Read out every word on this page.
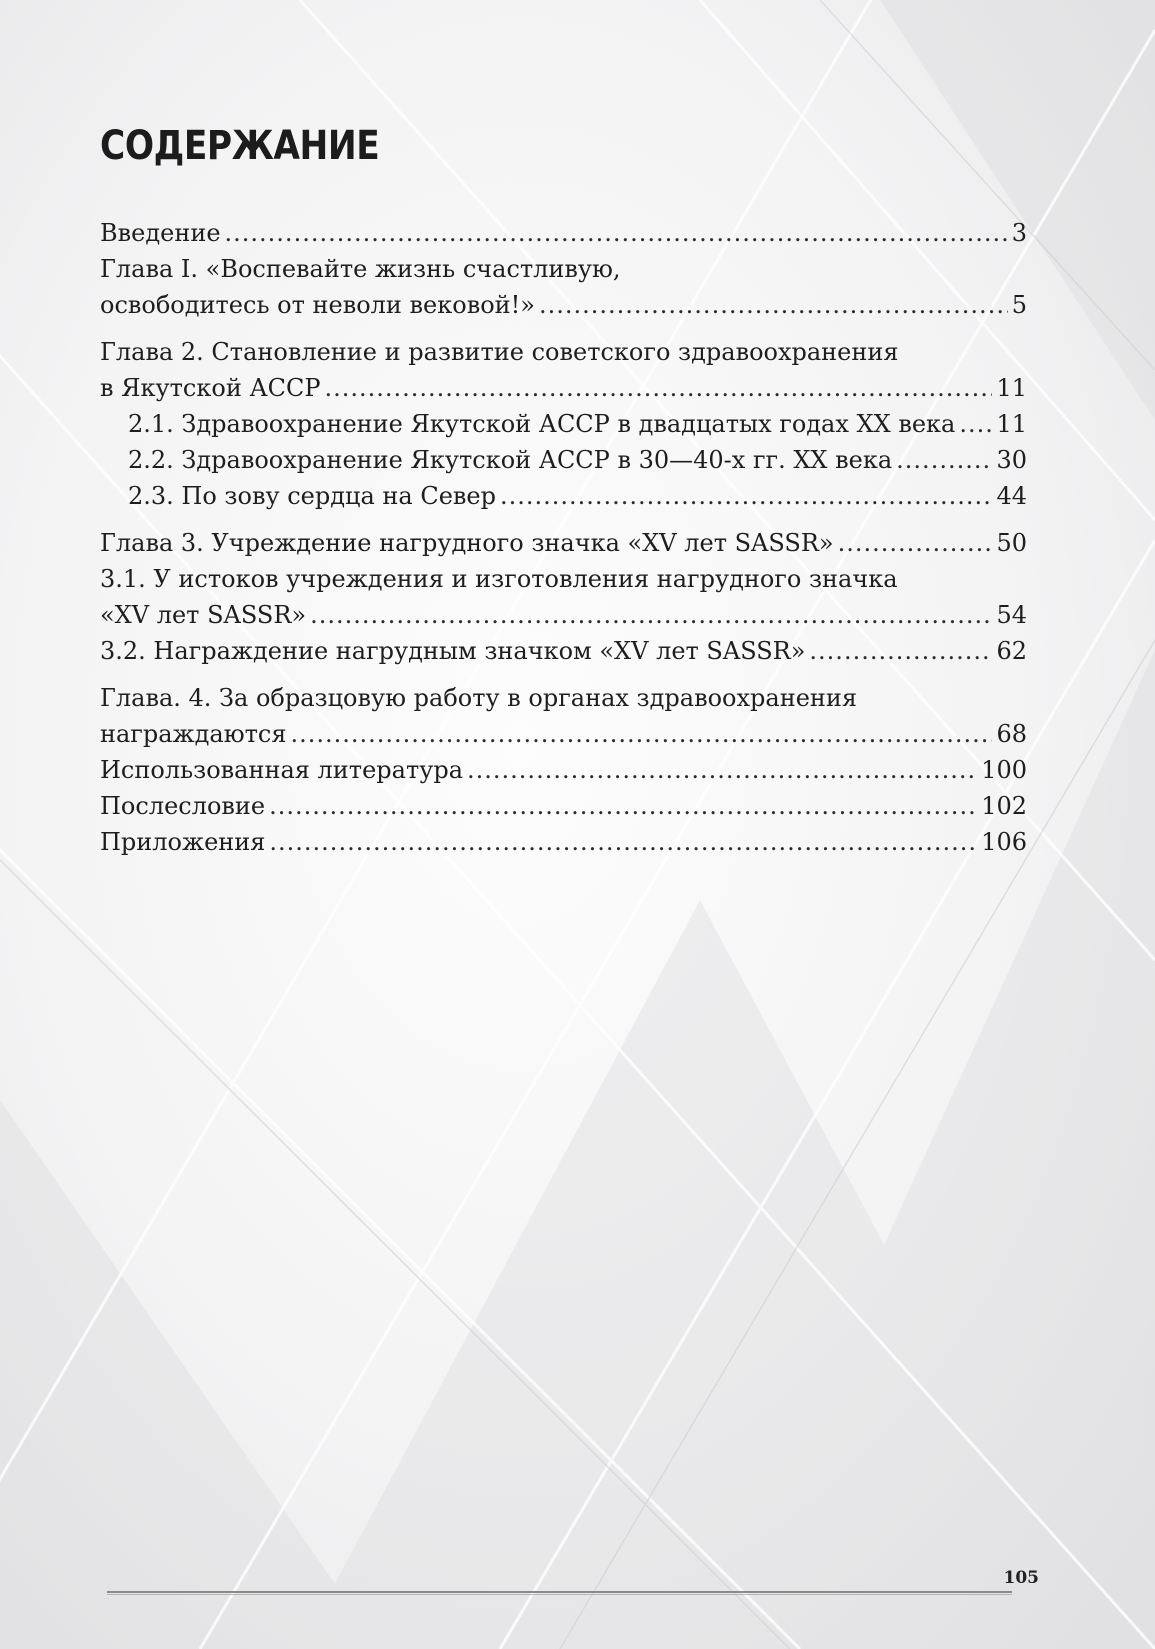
СОДЕРЖАНИЕ
Введение .....	3
Глава I. «Воспевайте жизнь счастливую,
освободитесь от неволи вековой!» .....	5
Глава 2. Становление и развитие советского здравоохранения
в Якутской АССР .....	11
2.1. Здравоохранение Якутской АССР в двадцатых годах XX века ..... 11
2.2. Здравоохранение Якутской АССР в 30—40-х гг. XX века .....	30
2.3. По зову сердца на Север .....	44
Глава 3. Учреждение нагрудного значка «XV лет SASSR» .....	50
3.1. У истоков учреждения и изготовления нагрудного значка
«XV лет SASSR» .....	54
3.2. Награждение нагрудным значком «XV лет SASSR» .....	62
Глава. 4. За образцовую работу в органах здравоохранения
награждаются .....	68
Использованная литература .....	100
Послесловие .....	102
Приложения .....	106
105
